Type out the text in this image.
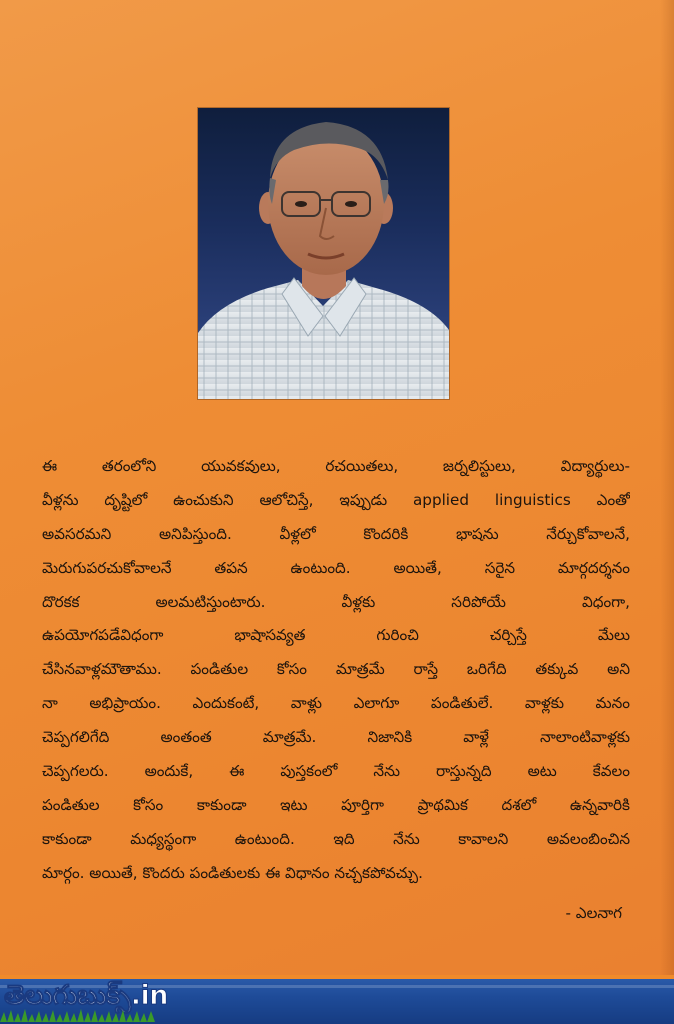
ఈ తరంలోని యువకవులు, రచయితలు, జర్నలిస్టులు, విద్యార్థులు-
వీళ్లను దృష్టిలో ఉంచుకుని ఆలోచిస్తే, ఇప్పుడు applied linguistics ఎంతో
అవసరమని అనిపిస్తుంది. వీళ్లలో కొందరికి భాషను నేర్చుకోవాలనే,
మెరుగుపరచుకోవాలనే తపన ఉంటుంది. అయితే, సరైన మార్గదర్శనం
దొరకక అలమటిస్తుంటారు. వీళ్లకు సరిపోయే విధంగా,
ఉపయోగపడేవిధంగా భాషాసవ్యత గురించి చర్చిస్తే మేలు
చేసినవాళ్లమౌతాము. పండితుల కోసం మాత్రమే రాస్తే ఒరిగేది తక్కువ అని
నా అభిప్రాయం. ఎందుకంటే, వాళ్లు ఎలాగూ పండితులే. వాళ్లకు మనం
చెప్పగలిగేది అంతంత మాత్రమే. నిజానికి వాళ్లే నాలాంటివాళ్లకు
చెప్పగలరు. అందుకే, ఈ పుస్తకంలో నేను రాస్తున్నది అటు కేవలం
పండితుల కోసం కాకుండా ఇటు పూర్తిగా ప్రాథమిక దశలో ఉన్నవారికి
కాకుండా మధ్యస్థంగా ఉంటుంది. ఇది నేను కావాలని అవలంబించిన
మార్గం. అయితే, కొందరు పండితులకు ఈ విధానం నచ్చకపోవచ్చు.
- ఎలనాగ
తెలుగుబుక్స్.in
